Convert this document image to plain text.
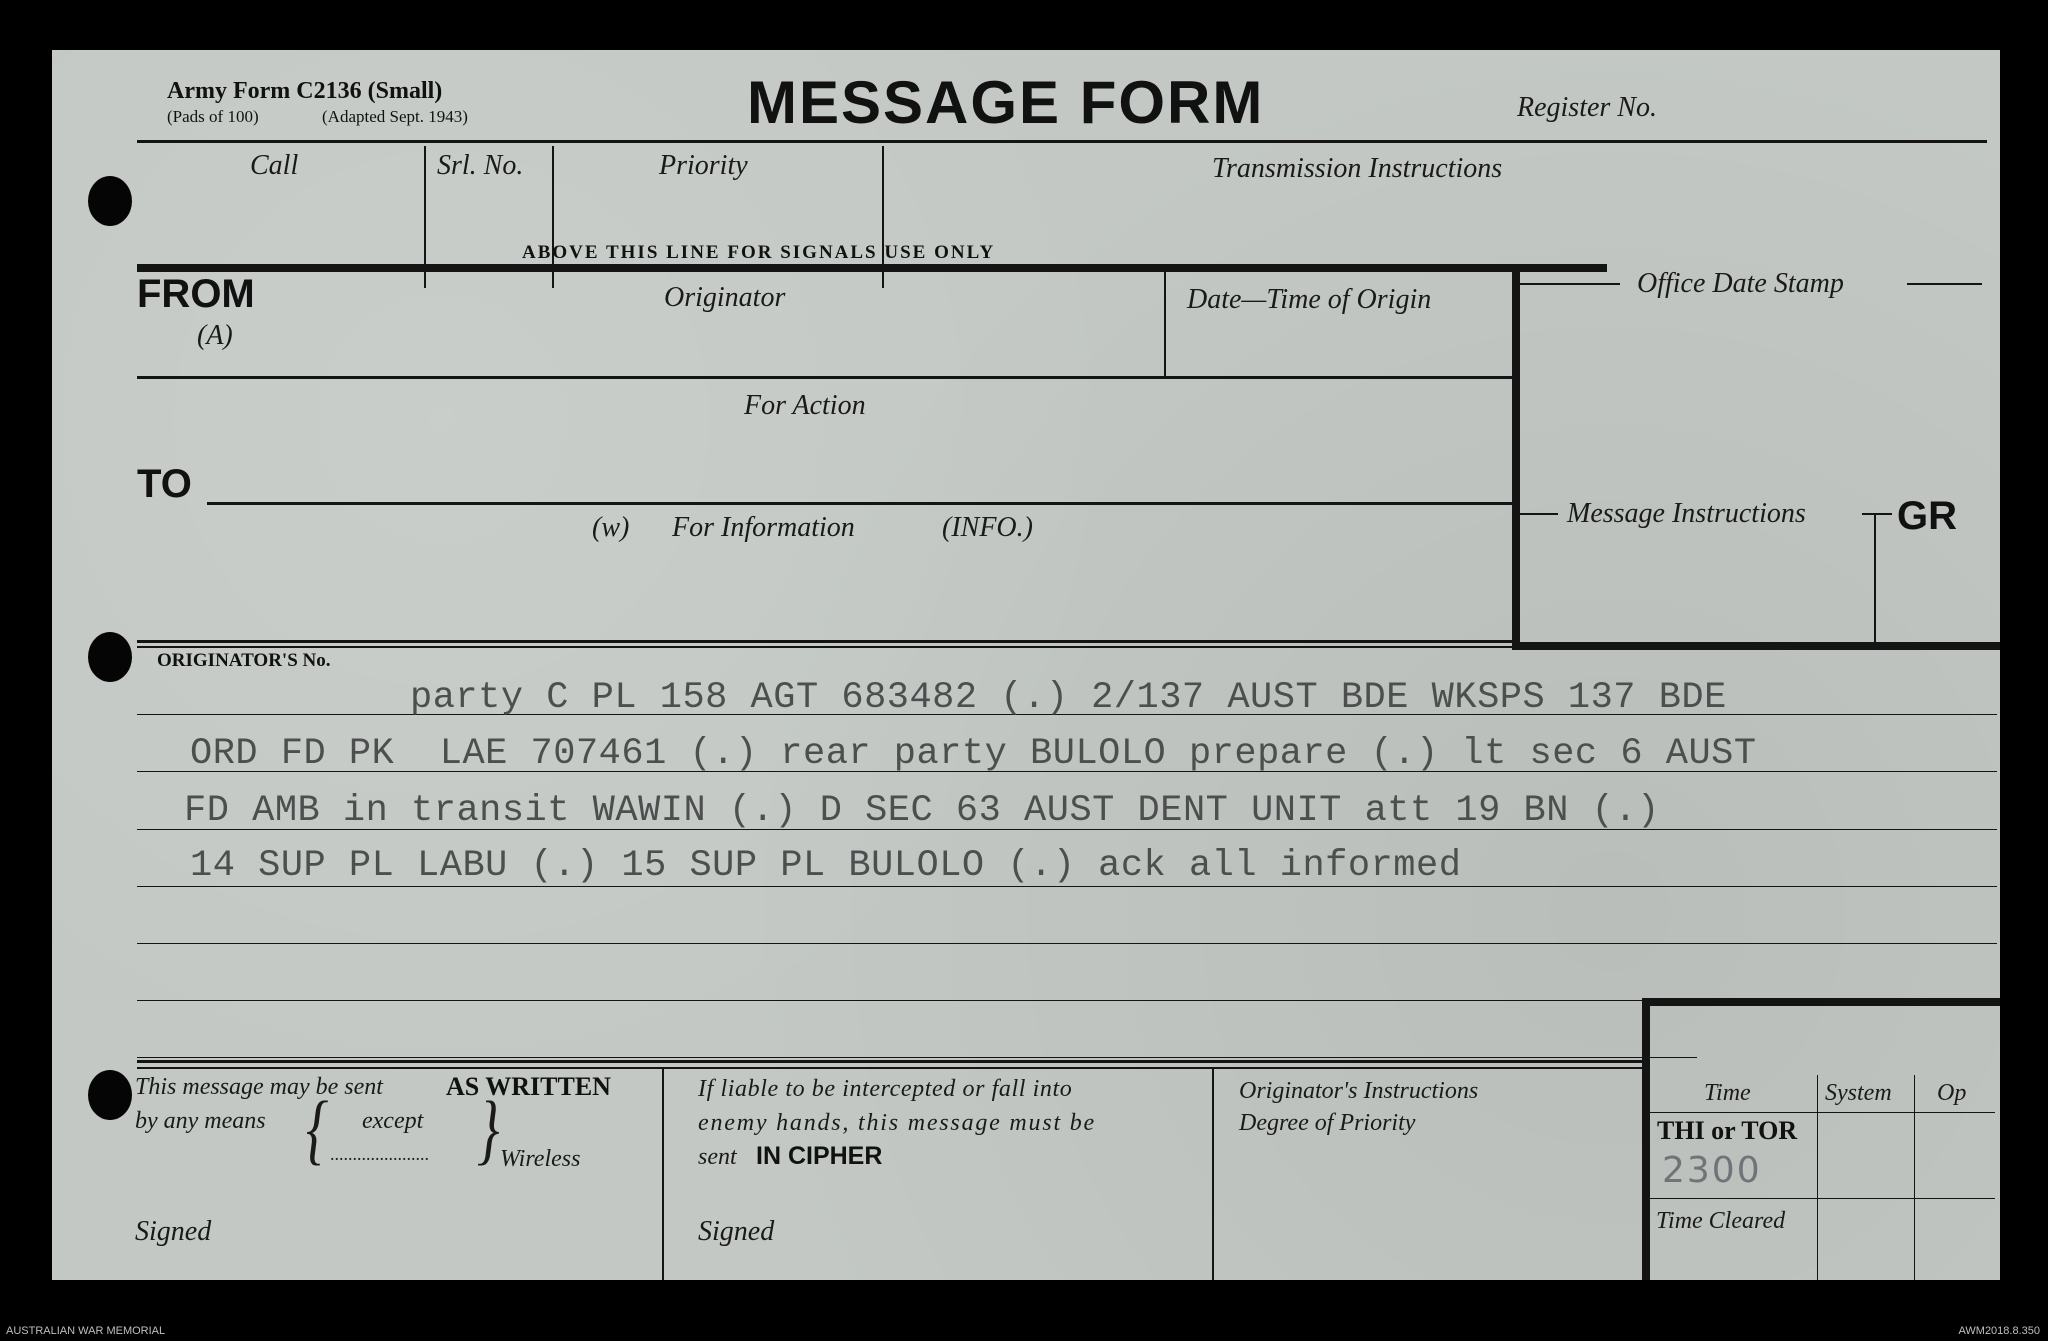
Army Form C2136 (Small)
(Pads of 100)	(Adapted Sept. 1943)	MESSAGE FORM	Register No.
Call	Srl. No.	Priority	Transmission Instructions
ABOVE THIS LINE FOR SIGNALS USE ONLY
FROM
(A)
Originator	Date—Time of Origin
Office Date Stamp
For Action
TO
(w) For Information	(INFO.)	Message Instructions GR
ORIGINATOR'S No.
party C PL 158 AGT 683482 (.) 2/137 AUST BDE WKSPS 137 BDE
ORD FD PK  LAE 707461 (.) rear party BULOLO prepare (.) lt sec 6 AUST
FD AMB in transit WAWIN (.) D SEC 63 AUST DENT UNIT att 19 BN (.)
14 SUP PL LABU (.) 15 SUP PL BULOLO (.) ack all informed
This message may be sent AS WRITTEN
by any means { except
...................... } Wireless
Signed
If liable to be intercepted or fall into
enemy hands, this message must be
sent IN CIPHER
Signed
Originator's Instructions
Degree of Priority
Time	System Op
THI or TOR
2300
Time Cleared
AUSTRALIAN WAR MEMORIAL	AWM2018.8.350
